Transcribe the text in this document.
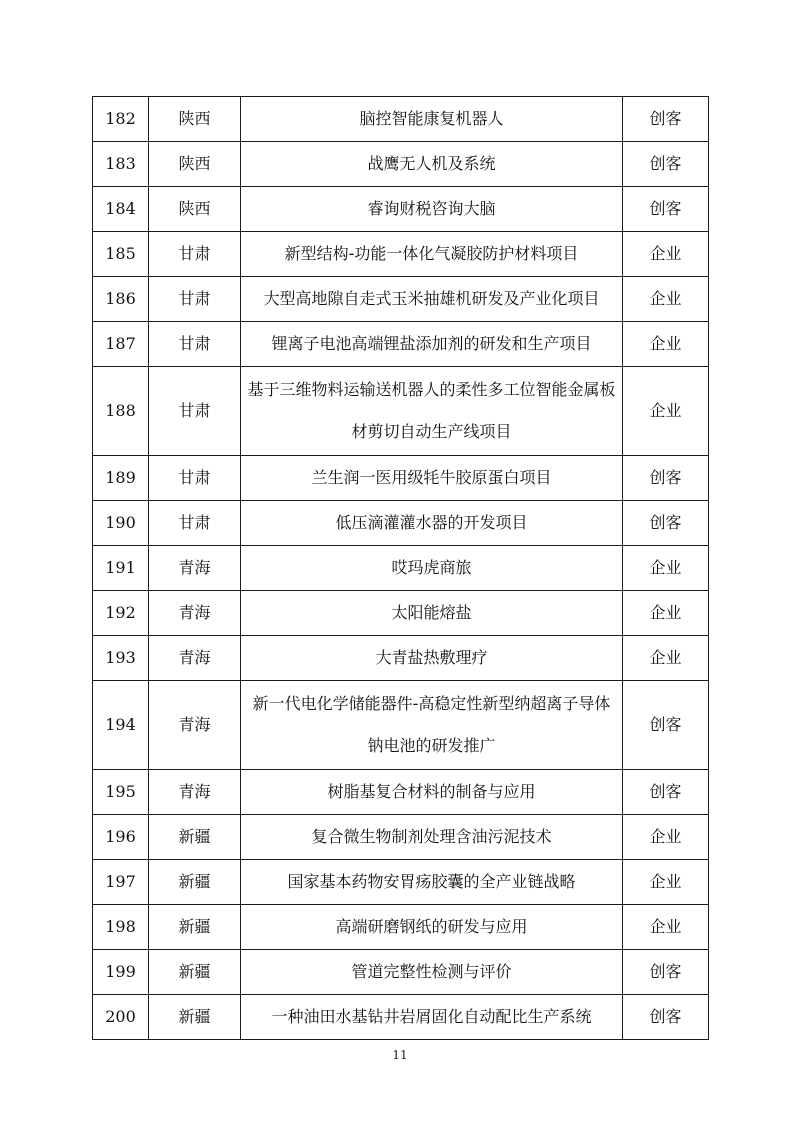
182	陕西	脑控智能康复机器人	创客
183	陕西	战鹰无人机及系统	创客
184	陕西	睿询财税咨询大脑	创客
185	甘肃	新型结构-功能一体化气凝胶防护材料项目	企业
186	甘肃	大型高地隙自走式玉米抽雄机研发及产业化项目	企业
187	甘肃	锂离子电池高端锂盐添加剂的研发和生产项目	企业
188	甘肃	基于三维物料运输送机器人的柔性多工位智能金属板材剪切自动生产线项目	企业
189	甘肃	兰生润一医用级牦牛胶原蛋白项目	创客
190	甘肃	低压滴灌灌水器的开发项目	创客
191	青海	哎玛虎商旅	企业
192	青海	太阳能熔盐	企业
193	青海	大青盐热敷理疗	企业
194	青海	新一代电化学储能器件-高稳定性新型纳超离子导体钠电池的研发推广	创客
195	青海	树脂基复合材料的制备与应用	创客
196	新疆	复合微生物制剂处理含油污泥技术	企业
197	新疆	国家基本药物安胃疡胶囊的全产业链战略	企业
198	新疆	高端研磨钢纸的研发与应用	企业
199	新疆	管道完整性检测与评价	创客
200	新疆	一种油田水基钻井岩屑固化自动配比生产系统	创客
11
